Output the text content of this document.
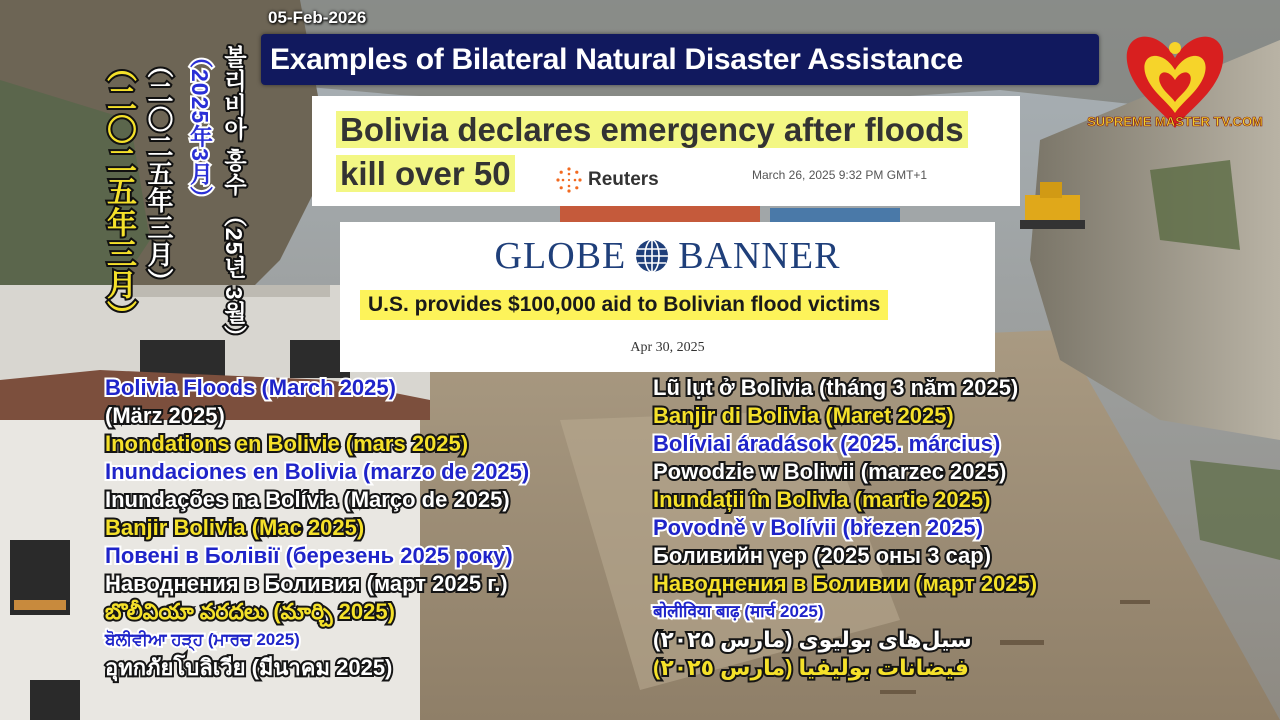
05-Feb-2026
Examples of Bilateral Natural Disaster Assistance
SUPREME MASTER TV.COM
Bolivia declares emergency after floods
kill over 50	Reuters	March 26, 2025 9:32 PM GMT+1
GLOBE BANNER
U.S. provides $100,000 aid to Bolivian flood victims
Apr 30, 2025
（二〇二五年三月） （二〇二五年三月） （2025年3月） 볼리비아 홍수 （25년 3월）
Bolivia Floods (March 2025)
(März 2025)
Inondations en Bolivie (mars 2025)
Inundaciones en Bolivia (marzo de 2025)
Inundações na Bolívia (Março de 2025)
Banjir Bolivia (Mac 2025)
Повені в Болівії (березень 2025 року)
Наводнения в Боливия (март 2025 г.)
బొలీవియా వరదలు (మార్చి 2025)
ਬੋਲੀਵੀਆ ਹੜ੍ਹ (ਮਾਰਚ 2025)
อุทกภัยโบลิเวีย (มีนาคม 2025)
Lũ lụt ở Bolivia (tháng 3 năm 2025)
Banjir di Bolivia (Maret 2025)
Bolíviai áradások (2025. március)
Powodzie w Boliwii (marzec 2025)
Inundații în Bolivia (martie 2025)
Povodně v Bolívii (březen 2025)
Боливийн үер (2025 оны 3 сар)
Наводнения в Боливии (март 2025)
बोलीविया बाढ़ (मार्च 2025)
سیل‌های بولیوی (مارس ۲۰۲۵)
فيضانات بوليفيا (مارس ٢٠٢٥)
